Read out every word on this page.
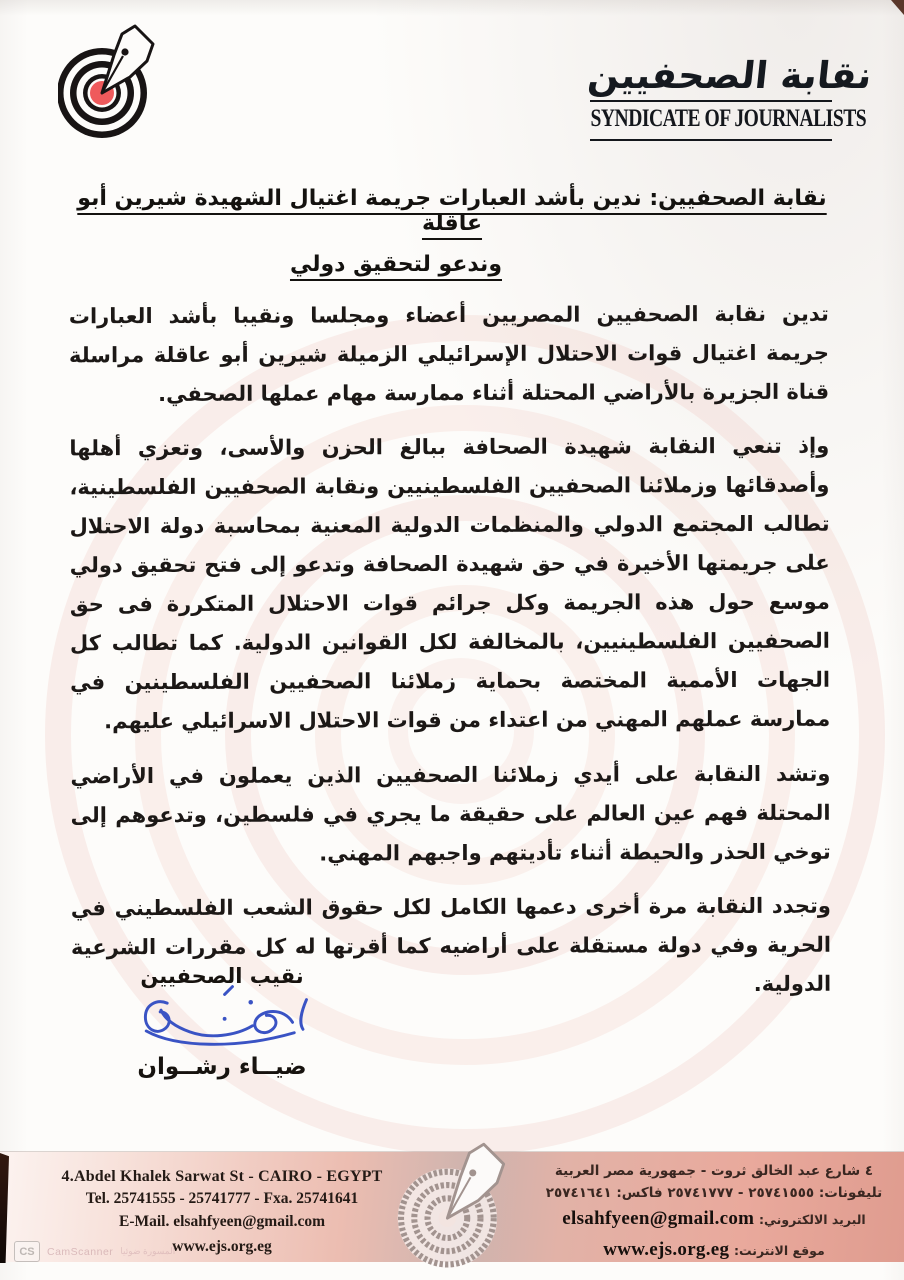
نقابة الصحفيين
SYNDICATE OF JOURNALISTS
نقابة الصحفيين: ندين بأشد العبارات جريمة اغتيال الشهيدة شيرين أبو عاقلة
وندعو لتحقيق دولي

تدين نقابة الصحفيين المصريين أعضاء ومجلسا ونقيبا بأشد العبارات جريمة اغتيال قوات الاحتلال الإسرائيلي الزميلة شيرين أبو عاقلة مراسلة قناة الجزيرة بالأراضي المحتلة أثناء ممارسة مهام عملها الصحفي.

وإذ تنعي النقابة شهيدة الصحافة ببالغ الحزن والأسى، وتعزي أهلها وأصدقائها وزملائنا الصحفيين الفلسطينيين ونقابة الصحفيين الفلسطينية، تطالب المجتمع الدولي والمنظمات الدولية المعنية بمحاسبة دولة الاحتلال على جريمتها الأخيرة في حق شهيدة الصحافة وتدعو إلى فتح تحقيق دولي موسع حول هذه الجريمة وكل جرائم قوات الاحتلال المتكررة فى حق الصحفيين الفلسطينيين، بالمخالفة لكل القوانين الدولية. كما تطالب كل الجهات الأممية المختصة بحماية زملائنا الصحفيين الفلسطينين في ممارسة عملهم المهني من اعتداء من قوات الاحتلال الاسرائيلي عليهم.

وتشد النقابة على أيدي زملائنا الصحفيين الذين يعملون في الأراضي المحتلة فهم عين العالم على حقيقة ما يجري في فلسطين، وتدعوهم إلى توخي الحذر والحيطة أثناء تأديتهم واجبهم المهني.

وتجدد النقابة مرة أخرى دعمها الكامل لكل حقوق الشعب الفلسطيني في الحرية وفي دولة مستقلة على أراضيه كما أقرتها له كل مقررات الشرعية الدولية.

نقيب الصحفيين
ضيــاء رشــوان
4.Abdel Khalek Sarwat St - CAIRO - EGYPT
Tel. 25741555 - 25741777 - Fxa. 25741641
E-Mail. elsahfyeen@gmail.com
www.ejs.org.eg
٤ شارع عبد الخالق ثروت - جمهورية مصر العربية
تليفونات: ٢٥٧٤١٥٥٥ - ٢٥٧٤١٧٧٧ فاكس: ٢٥٧٤١٦٤١
البريد الالكتروني: elsahfyeen@gmail.com
موقع الانترنت: www.ejs.org.eg
CS	CamScanner المسورة ضوئيا
